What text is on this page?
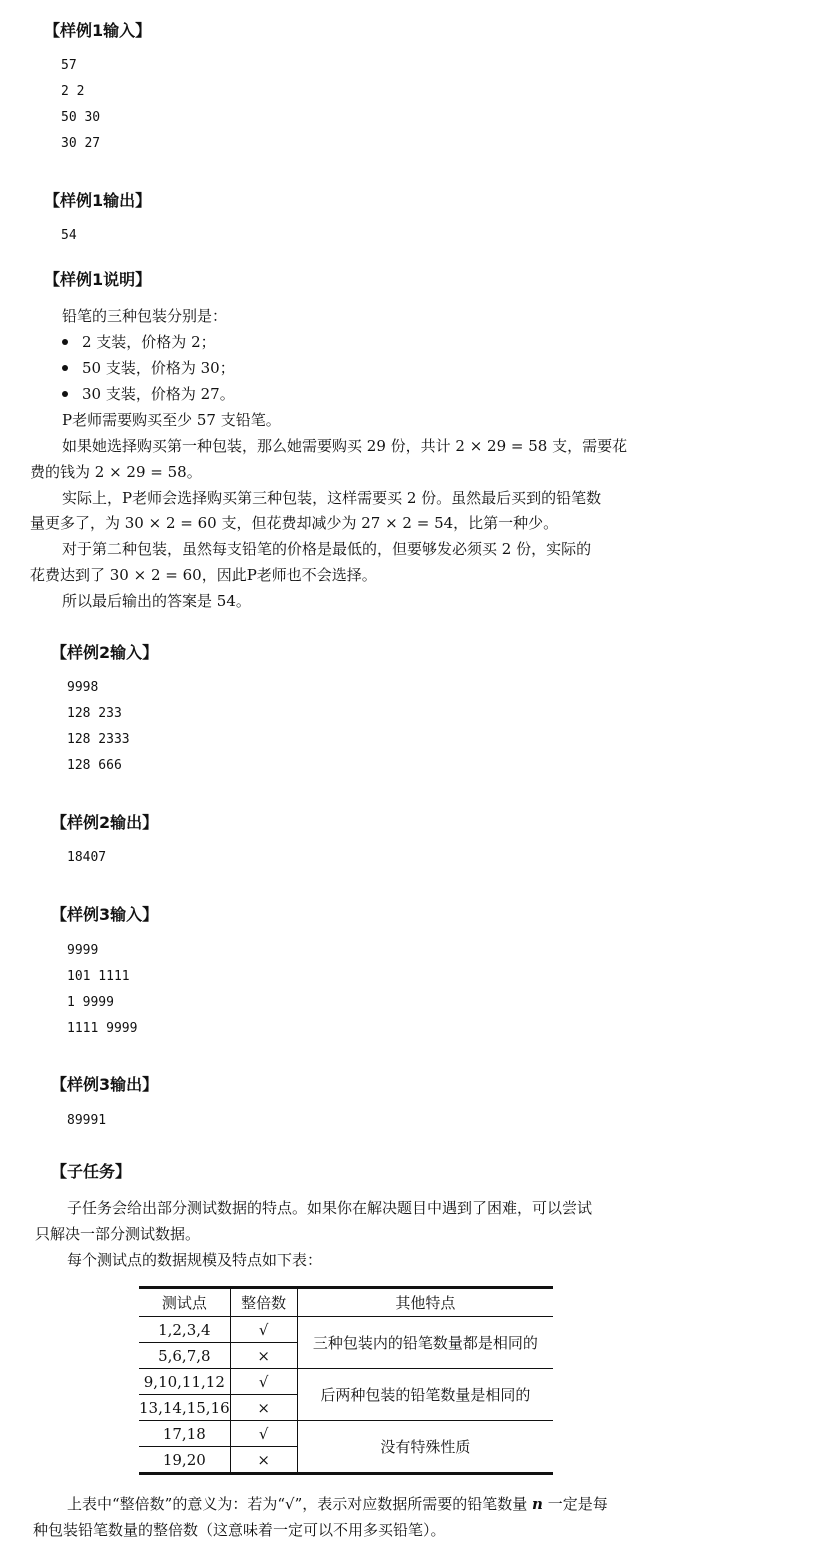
【样例1输入】
57
2 2
50 30
30 27
【样例1输出】
54
【样例1说明】
铅笔的三种包装分别是：
2 支装，价格为 2；
50 支装，价格为 30；
30 支装，价格为 27。
P老师需要购买至少 57 支铅笔。
如果她选择购买第一种包装，那么她需要购买 29 份，共计 2 × 29 = 58 支，需要花
费的钱为 2 × 29 = 58。
实际上，P老师会选择购买第三种包装，这样需要买 2 份。虽然最后买到的铅笔数
量更多了，为 30 × 2 = 60 支，但花费却减少为 27 × 2 = 54，比第一种少。
对于第二种包装，虽然每支铅笔的价格是最低的，但要够发必须买 2 份，实际的
花费达到了 30 × 2 = 60，因此P老师也不会选择。
所以最后输出的答案是 54。
【样例2输入】
9998
128 233
128 2333
128 666
【样例2输出】
18407
【样例3输入】
9999
101 1111
1 9999
1111 9999
【样例3输出】
89991
【子任务】
子任务会给出部分测试数据的特点。如果你在解决题目中遇到了困难，可以尝试
只解决一部分测试数据。
每个测试点的数据规模及特点如下表：
测试点	整倍数	其他特点
1,2,3,4	√	三种包装内的铅笔数量都是相同的
5,6,7,8	×	
9,10,11,12	√	后两种包装的铅笔数量是相同的
13,14,15,16	×	
17,18	√	没有特殊性质
19,20	×	
上表中“整倍数”的意义为：若为“√”，表示对应数据所需要的铅笔数量 n 一定是每
种包装铅笔数量的整倍数（这意味着一定可以不用多买铅笔）。
